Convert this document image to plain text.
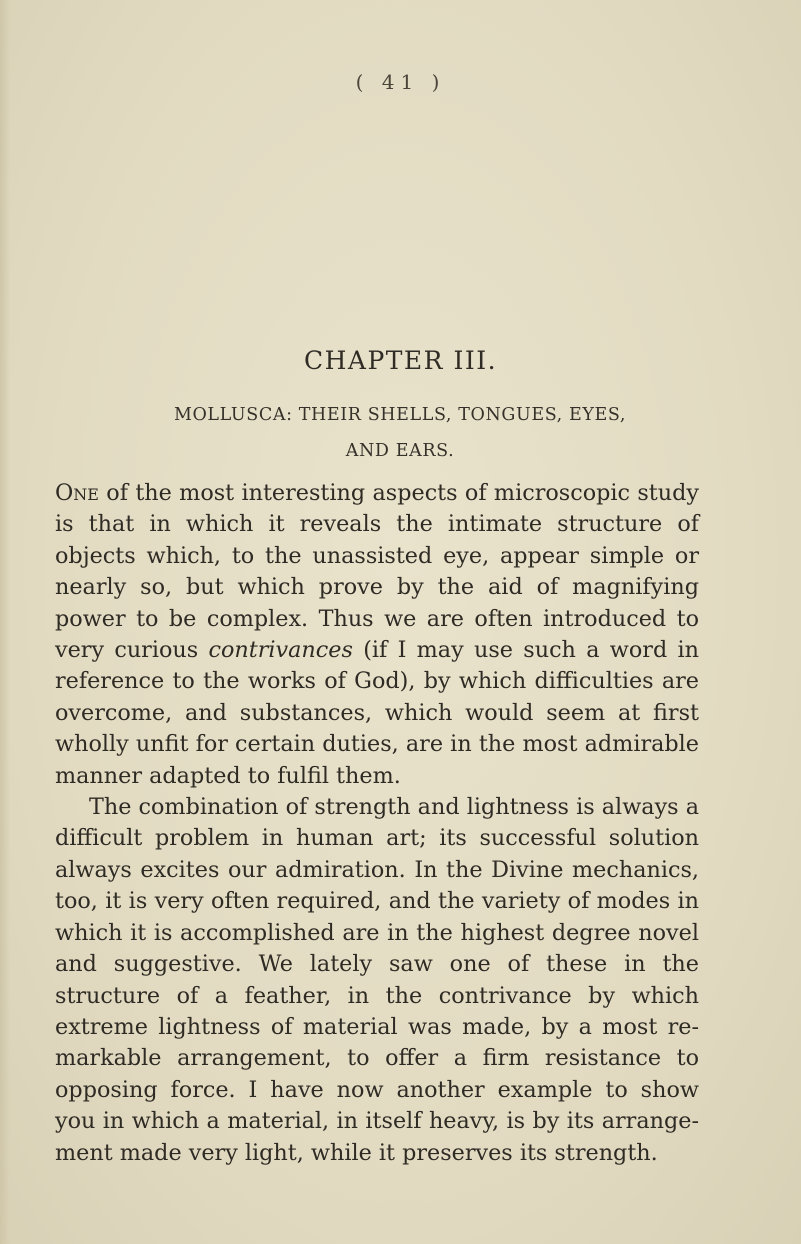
( 41 )
CHAPTER III.
MOLLUSCA: THEIR SHELLS, TONGUES, EYES, AND EARS.

One of the most interesting aspects of microscopic study is that in which it reveals the intimate structure of objects which, to the unassisted eye, appear simple or nearly so, but which prove by the aid of magnifying power to be complex. Thus we are often introduced to very curious contrivances (if I may use such a word in reference to the works of God), by which difficulties are overcome, and substances, which would seem at first wholly unfit for certain duties, are in the most admirable manner adapted to fulfil them.

The combination of strength and lightness is always a difficult problem in human art; its successful solution always excites our admiration. In the Divine mechanics, too, it is very often required, and the variety of modes in which it is accomplished are in the highest degree novel and suggestive. We lately saw one of these in the structure of a feather, in the contrivance by which extreme lightness of material was made, by a most re-markable arrangement, to offer a firm resistance to opposing force. I have now another example to show you in which a material, in itself heavy, is by its arrange-ment made very light, while it preserves its strength.
